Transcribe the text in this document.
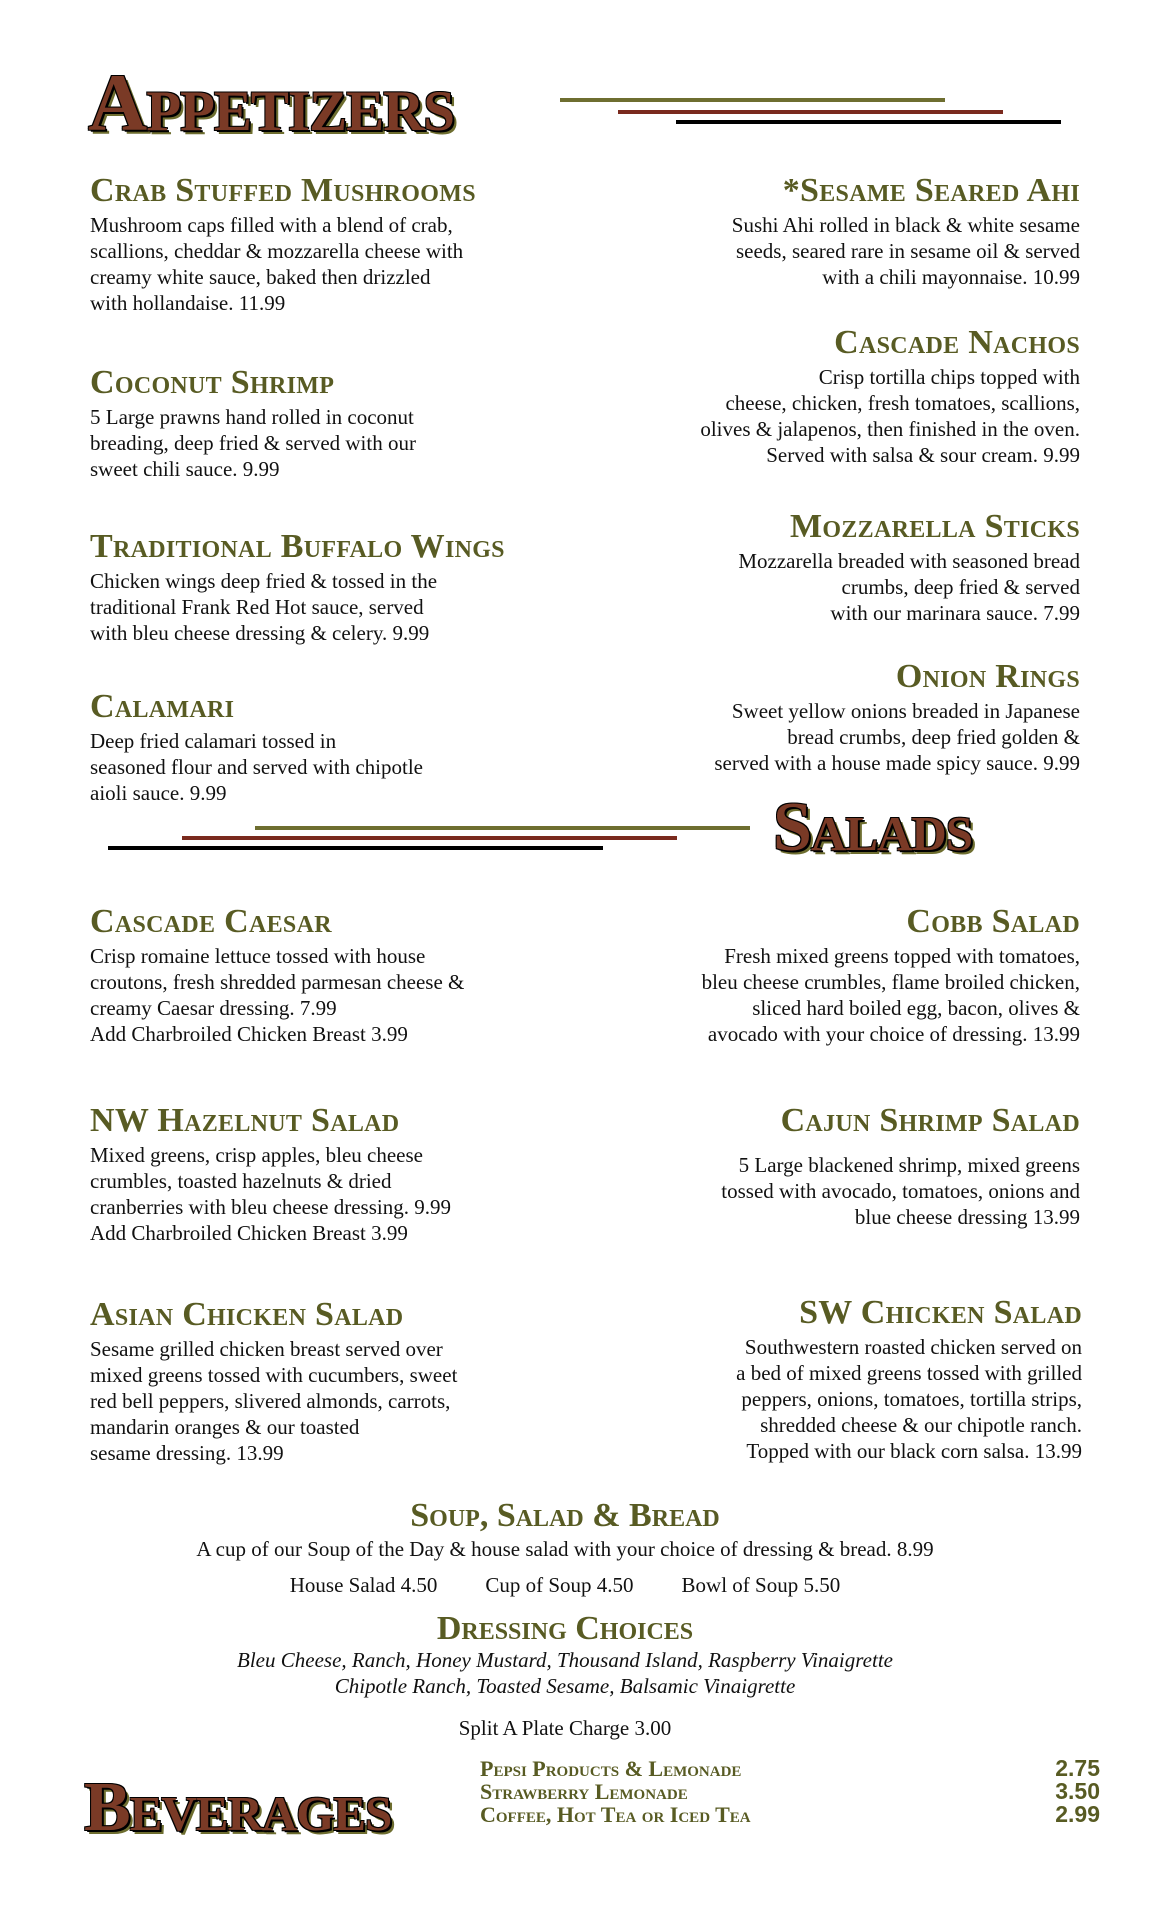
Appetizers

Crab Stuffed Mushrooms

Mushroom caps filled with a blend of crab,
scallions, cheddar & mozzarella cheese with
creamy white sauce, baked then drizzled
with hollandaise. 11.99

Coconut Shrimp

5 Large prawns hand rolled in coconut
breading, deep fried & served with our
sweet chili sauce. 9.99

Traditional Buffalo Wings

Chicken wings deep fried & tossed in the
traditional Frank Red Hot sauce, served
with bleu cheese dressing & celery. 9.99

Calamari

Deep fried calamari tossed in
seasoned flour and served with chipotle
aioli sauce. 9.99

*Sesame Seared Ahi

Sushi Ahi rolled in black & white sesame
seeds, seared rare in sesame oil & served
with a chili mayonnaise. 10.99

Cascade Nachos

Crisp tortilla chips topped with
cheese, chicken, fresh tomatoes, scallions,
olives & jalapenos, then finished in the oven.
Served with salsa & sour cream. 9.99

Mozzarella Sticks

Mozzarella breaded with seasoned bread
crumbs, deep fried & served
with our marinara sauce. 7.99

Onion Rings

Sweet yellow onions breaded in Japanese
bread crumbs, deep fried golden &
served with a house made spicy sauce. 9.99

Salads

Cascade Caesar

Crisp romaine lettuce tossed with house
croutons, fresh shredded parmesan cheese &
creamy Caesar dressing. 7.99
Add Charbroiled Chicken Breast 3.99

NW Hazelnut Salad

Mixed greens, crisp apples, bleu cheese
crumbles, toasted hazelnuts & dried
cranberries with bleu cheese dressing. 9.99
Add Charbroiled Chicken Breast 3.99

Asian Chicken Salad

Sesame grilled chicken breast served over
mixed greens tossed with cucumbers, sweet
red bell peppers, slivered almonds, carrots,
mandarin oranges & our toasted
sesame dressing. 13.99

Cobb Salad

Fresh mixed greens topped with tomatoes,
bleu cheese crumbles, flame broiled chicken,
sliced hard boiled egg, bacon, olives &
avocado with your choice of dressing. 13.99

Cajun Shrimp Salad

5 Large blackened shrimp, mixed greens
tossed with avocado, tomatoes, onions and
blue cheese dressing 13.99

SW Chicken Salad

Southwestern roasted chicken served on
a bed of mixed greens tossed with grilled
peppers, onions, tomatoes, tortilla strips,
shredded cheese & our chipotle ranch.
Topped with our black corn salsa. 13.99

Soup, Salad & Bread

A cup of our Soup of the Day & house salad with your choice of dressing & bread. 8.99

House Salad 4.50 Cup of Soup 4.50 Bowl of Soup 5.50

Dressing Choices

Bleu Cheese, Ranch, Honey Mustard, Thousand Island, Raspberry Vinaigrette

Chipotle Ranch, Toasted Sesame, Balsamic Vinaigrette

Split A Plate Charge 3.00

Beverages
Pepsi Products & Lemonade	2.75
Strawberry Lemonade	3.50
Coffee, Hot Tea or Iced Tea	2.99
